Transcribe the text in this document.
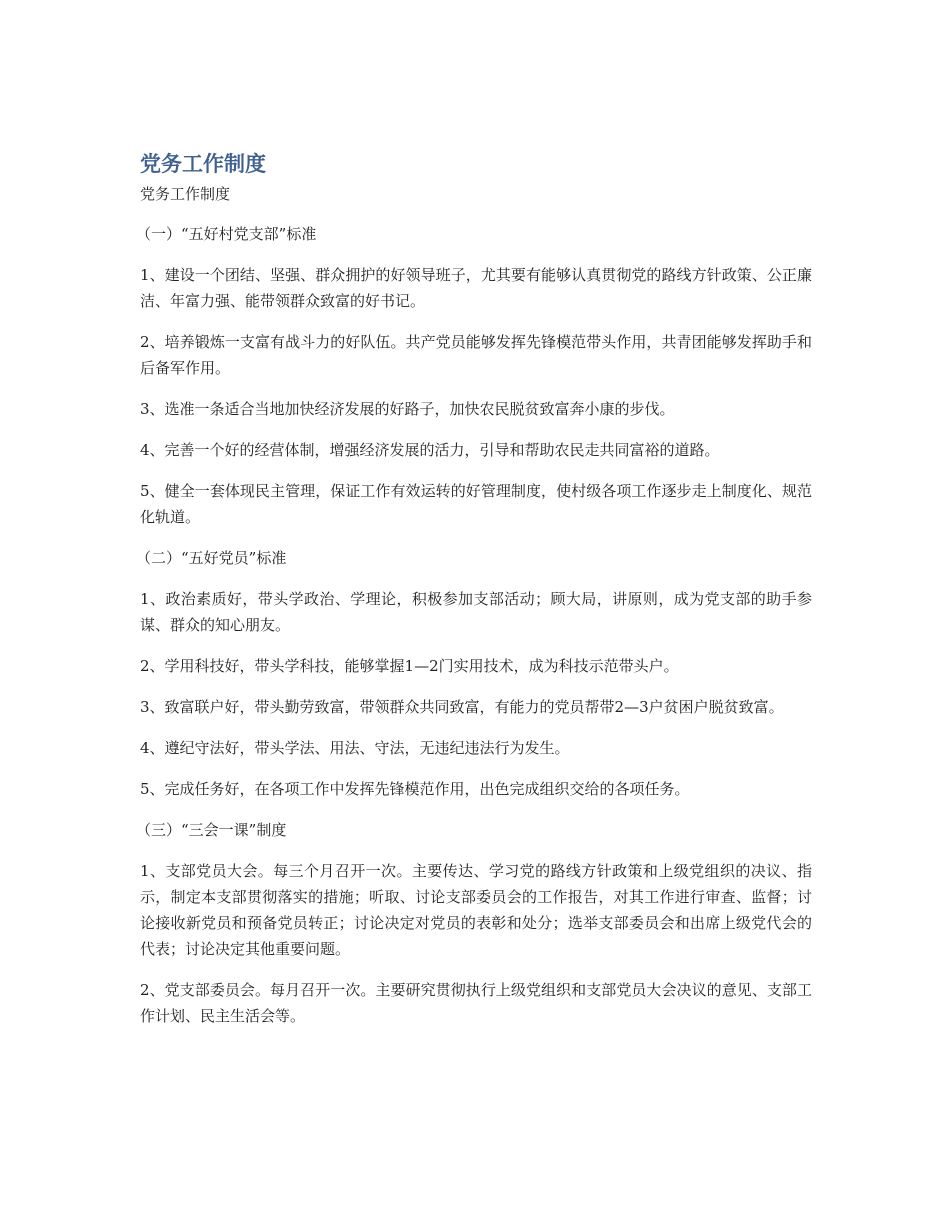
党务工作制度

党务工作制度

（一）“五好村党支部”标准

1、建设一个团结、坚强、群众拥护的好领导班子，尤其要有能够认真贯彻党的路线方针政策、公正廉洁、年富力强、能带领群众致富的好书记。

2、培养锻炼一支富有战斗力的好队伍。共产党员能够发挥先锋模范带头作用，共青团能够发挥助手和后备军作用。

3、选准一条适合当地加快经济发展的好路子，加快农民脱贫致富奔小康的步伐。

4、完善一个好的经营体制，增强经济发展的活力，引导和帮助农民走共同富裕的道路。

5、健全一套体现民主管理，保证工作有效运转的好管理制度，使村级各项工作逐步走上制度化、规范化轨道。

（二）“五好党员”标准

1、政治素质好，带头学政治、学理论，积极参加支部活动；顾大局，讲原则，成为党支部的助手参谋、群众的知心朋友。

2、学用科技好，带头学科技，能够掌握1—2门实用技术，成为科技示范带头户。

3、致富联户好，带头勤劳致富，带领群众共同致富，有能力的党员帮带2—3户贫困户脱贫致富。

4、遵纪守法好，带头学法、用法、守法，无违纪违法行为发生。

5、完成任务好，在各项工作中发挥先锋模范作用，出色完成组织交给的各项任务。

（三）“三会一课”制度

1、支部党员大会。每三个月召开一次。主要传达、学习党的路线方针政策和上级党组织的决议、指示，制定本支部贯彻落实的措施；听取、讨论支部委员会的工作报告，对其工作进行审查、监督；讨论接收新党员和预备党员转正；讨论决定对党员的表彰和处分；选举支部委员会和出席上级党代会的代表；讨论决定其他重要问题。

2、党支部委员会。每月召开一次。主要研究贯彻执行上级党组织和支部党员大会决议的意见、支部工作计划、民主生活会等。
